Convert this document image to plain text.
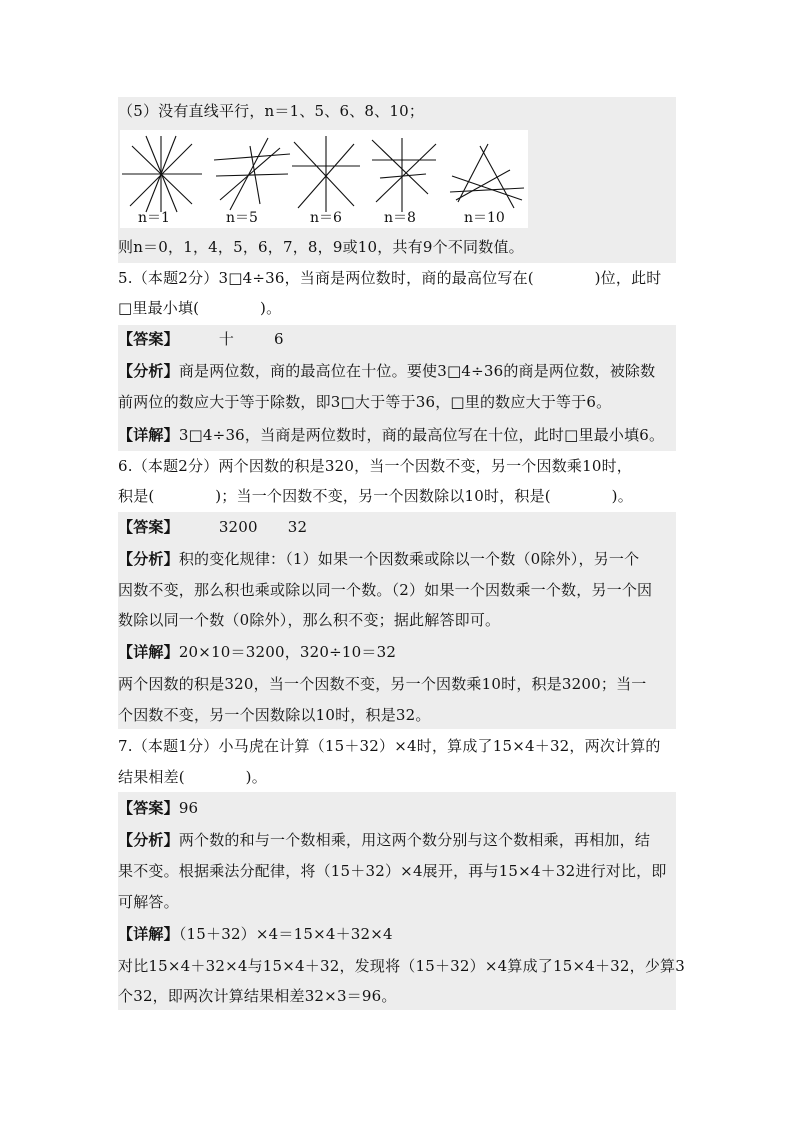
（5）没有直线平行，n＝1、5、6、8、10；
n＝1	n＝5	n＝6	n＝8	n＝10
则n＝0，1，4，5，6，7，8，9或10，共有9个不同数值。
5.（本题2分）3□4÷36，当商是两位数时，商的最高位写在(　　　　)位，此时
□里最小填(　　　　)。
【答案】	十	6
【分析】商是两位数，商的最高位在十位。要使3□4÷36的商是两位数，被除数
前两位的数应大于等于除数，即3□大于等于36，□里的数应大于等于6。
【详解】3□4÷36，当商是两位数时，商的最高位写在十位，此时□里最小填6。
6.（本题2分）两个因数的积是320，当一个因数不变，另一个因数乘10时，
积是(　　　　)；当一个因数不变，另一个因数除以10时，积是(　　　　)。
【答案】	3200 32
【分析】积的变化规律：（1）如果一个因数乘或除以一个数（0除外），另一个
因数不变，那么积也乘或除以同一个数。（2）如果一个因数乘一个数，另一个因
数除以同一个数（0除外），那么积不变；据此解答即可。
【详解】20×10＝3200，320÷10＝32
两个因数的积是320，当一个因数不变，另一个因数乘10时，积是3200；当一
个因数不变，另一个因数除以10时，积是32。
7.（本题1分）小马虎在计算（15＋32）×4时，算成了15×4＋32，两次计算的
结果相差(　　　　)。
【答案】96
【分析】两个数的和与一个数相乘，用这两个数分别与这个数相乘，再相加，结
果不变。根据乘法分配律，将（15＋32）×4展开，再与15×4＋32进行对比，即
可解答。
【详解】（15＋32）×4＝15×4＋32×4
对比15×4＋32×4与15×4＋32，发现将（15＋32）×4算成了15×4＋32，少算3
个32，即两次计算结果相差32×3＝96。
